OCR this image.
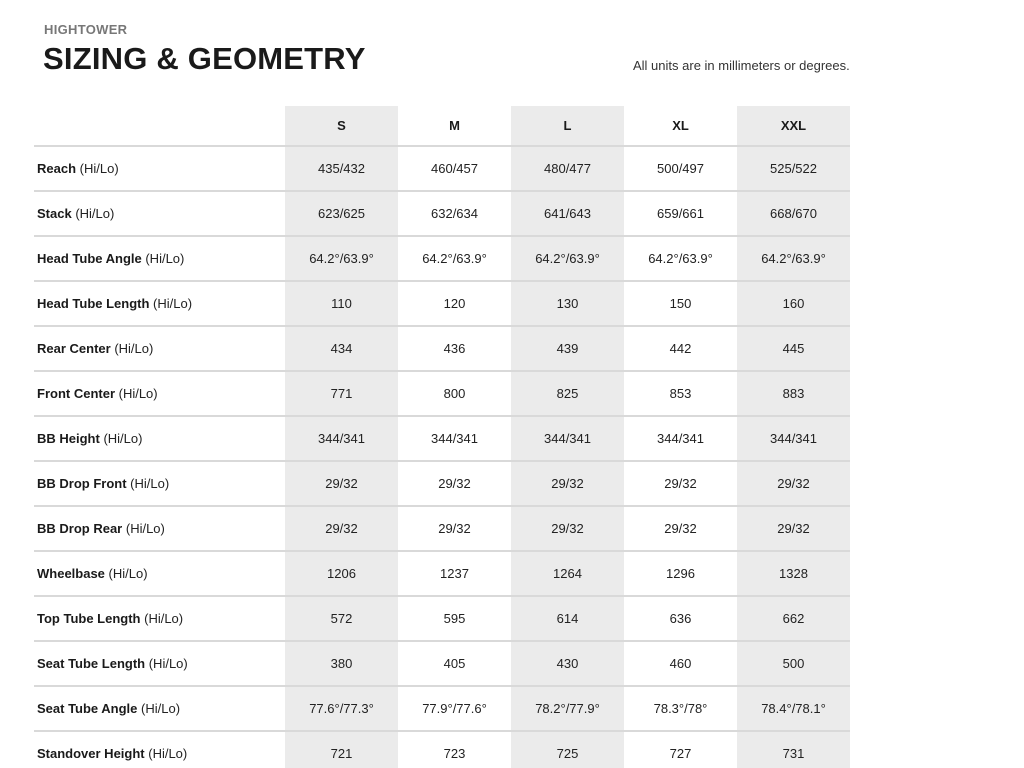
HIGHTOWER
SIZING & GEOMETRY	All units are in millimeters or degrees.
	S	M	L	XL	XXL
Reach (Hi/Lo)	435/432	460/457	480/477	500/497	525/522
Stack (Hi/Lo)	623/625	632/634	641/643	659/661	668/670
Head Tube Angle (Hi/Lo)	64.2°/63.9°	64.2°/63.9°	64.2°/63.9°	64.2°/63.9°	64.2°/63.9°
Head Tube Length (Hi/Lo)	110	120	130	150	160
Rear Center (Hi/Lo)	434	436	439	442	445
Front Center (Hi/Lo)	771	800	825	853	883
BB Height (Hi/Lo)	344/341	344/341	344/341	344/341	344/341
BB Drop Front (Hi/Lo)	29/32	29/32	29/32	29/32	29/32
BB Drop Rear (Hi/Lo)	29/32	29/32	29/32	29/32	29/32
Wheelbase (Hi/Lo)	1206	1237	1264	1296	1328
Top Tube Length (Hi/Lo)	572	595	614	636	662
Seat Tube Length (Hi/Lo)	380	405	430	460	500
Seat Tube Angle (Hi/Lo)	77.6°/77.3°	77.9°/77.6°	78.2°/77.9°	78.3°/78°	78.4°/78.1°
Standover Height (Hi/Lo)	721	723	725	727	731
